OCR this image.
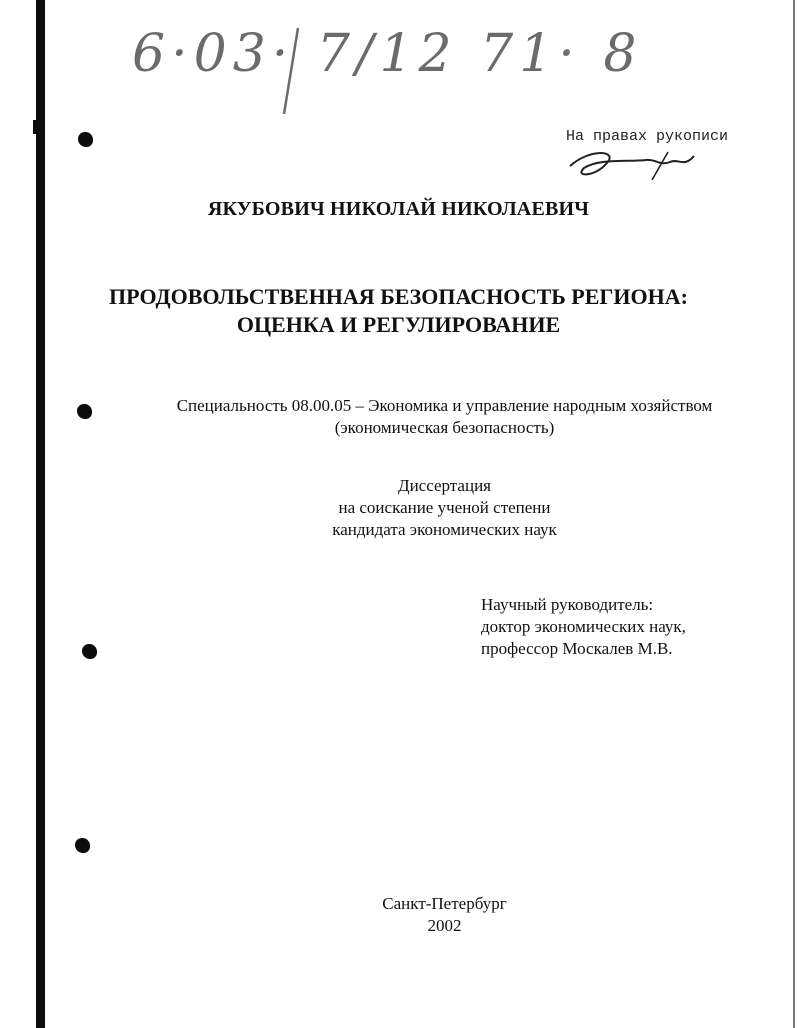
6·03· 7/12 71· 8
На правах рукописи
ЯКУБОВИЧ НИКОЛАЙ НИКОЛАЕВИЧ
ПРОДОВОЛЬСТВЕННАЯ БЕЗОПАСНОСТЬ РЕГИОНА:
ОЦЕНКА И РЕГУЛИРОВАНИЕ
Специальность 08.00.05 – Экономика и управление народным хозяйством
(экономическая безопасность)
Диссертация
на соискание ученой степени
кандидата экономических наук
Научный руководитель:
доктор экономических наук,
профессор Москалев М.В.
Санкт-Петербург
2002
